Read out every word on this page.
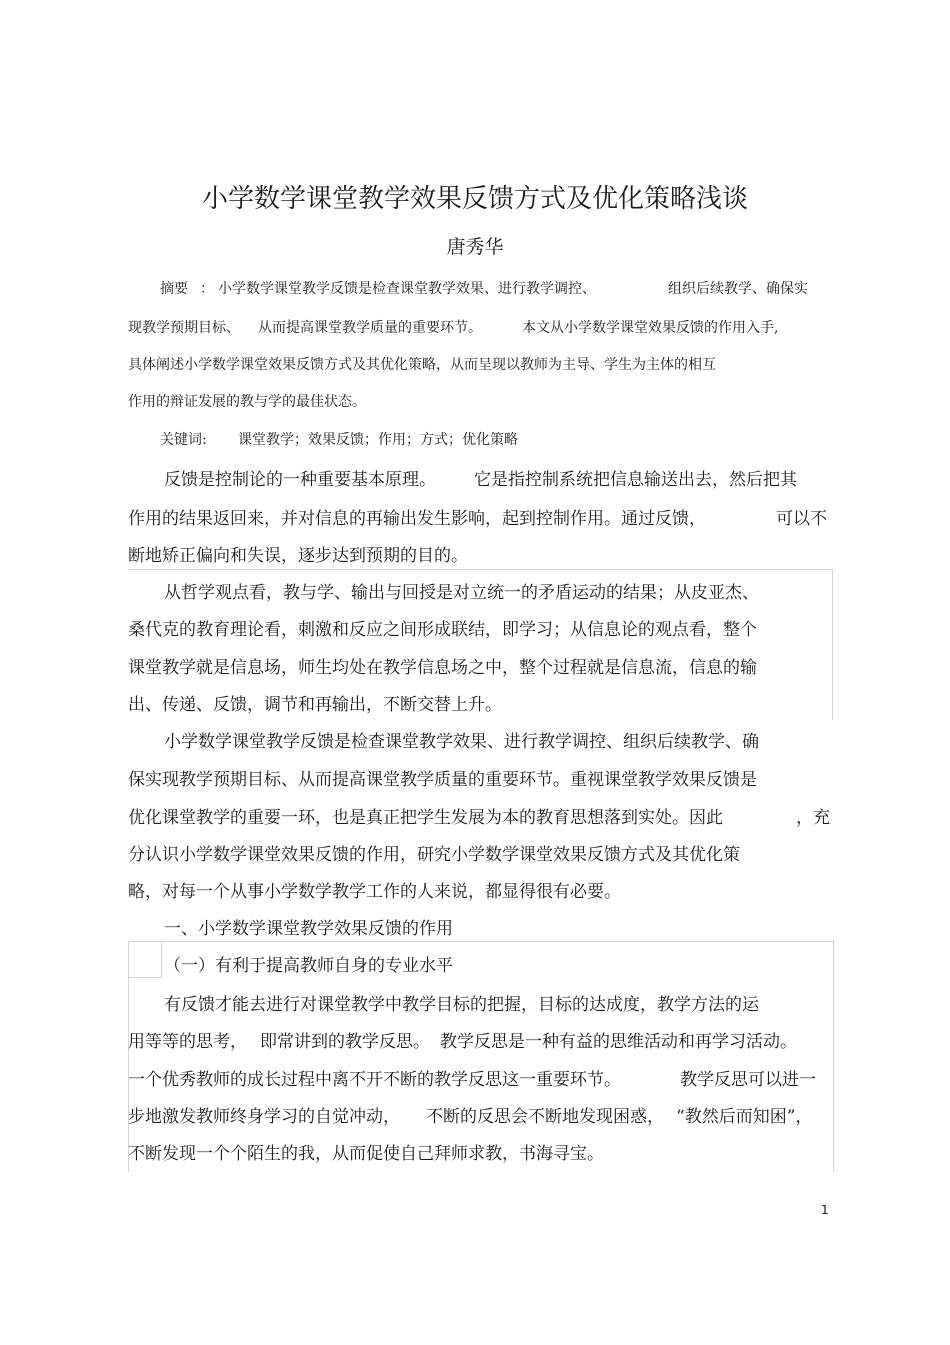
小学数学课堂教学效果反馈方式及优化策略浅谈
唐秀华
摘要 ： 小学数学课堂教学反馈是检查课堂教学效果、进行教学调控、	组织后续教学、确保实
现教学预期目标、 从而提高课堂教学质量的重要环节。	本文从小学数学课堂效果反馈的作用入手,
具体阐述小学数学课堂效果反馈方式及其优化策略，从而呈现以教师为主导、学生为主体的相互
作用的辩证发展的教与学的最佳状态。
关键词: 课堂教学；效果反馈；作用；方式；优化策略
反馈是控制论的一种重要基本原理。 它是指控制系统把信息输送出去，然后把其
作用的结果返回来，并对信息的再输出发生影响，起到控制作用。通过反馈，	可以不
断地矫正偏向和失误，逐步达到预期的目的。
从哲学观点看，教与学、输出与回授是对立统一的矛盾运动的结果；从皮亚杰、
桑代克的教育理论看，刺激和反应之间形成联结，即学习；从信息论的观点看，整个
课堂教学就是信息场，师生均处在教学信息场之中，整个过程就是信息流，信息的输
出、传递、反馈，调节和再输出，不断交替上升。
小学数学课堂教学反馈是检查课堂教学效果、进行教学调控、组织后续教学、确
保实现教学预期目标、从而提高课堂教学质量的重要环节。重视课堂教学效果反馈是
优化课堂教学的重要一环，也是真正把学生发展为本的教育思想落到实处。因此	，充
分认识小学数学课堂效果反馈的作用，研究小学数学课堂效果反馈方式及其优化策
略，对每一个从事小学数学教学工作的人来说，都显得很有必要。
一、小学数学课堂教学效果反馈的作用
（一）有利于提高教师自身的专业水平
有反馈才能去进行对课堂教学中教学目标的把握，目标的达成度，教学方法的运
用等等的思考， 即常讲到的教学反思。 教学反思是一种有益的思维活动和再学习活动。
一个优秀教师的成长过程中离不开不断的教学反思这一重要环节。	教学反思可以进一
步地激发教师终身学习的自觉冲动， 不断的反思会不断地发现困惑， “教然后而知困”，
不断发现一个个陌生的我，从而促使自己拜师求教，书海寻宝。
1
